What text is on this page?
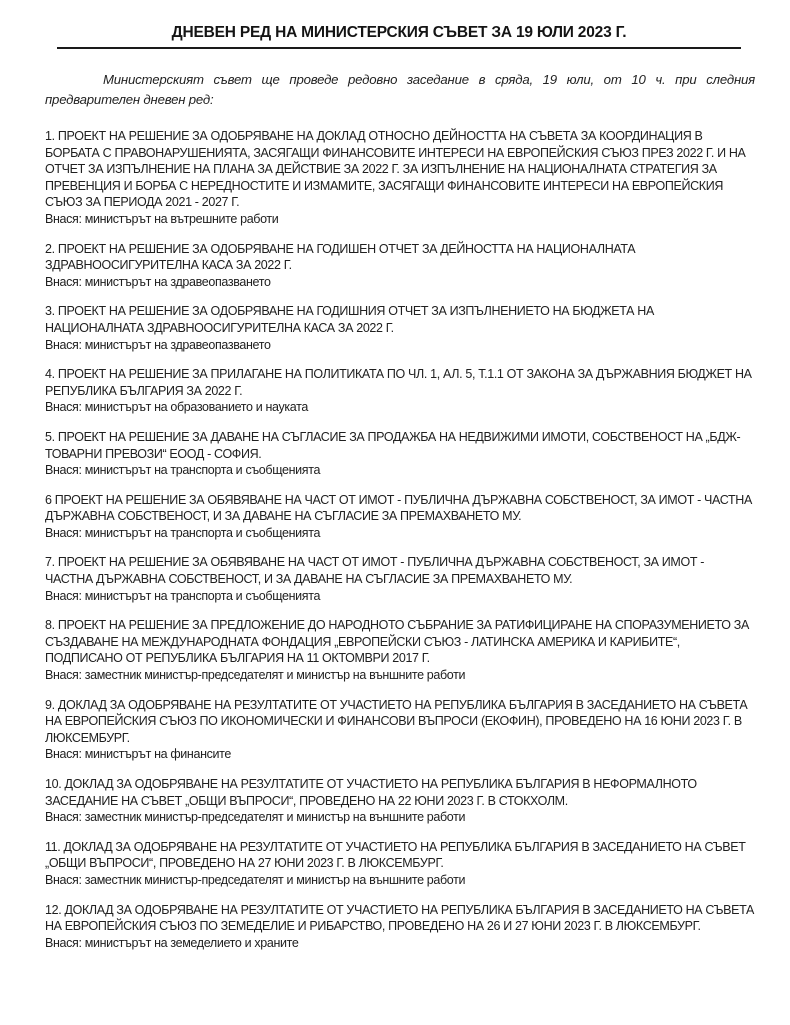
ДНЕВЕН РЕД НА МИНИСТЕРСКИЯ СЪВЕТ ЗА 19 ЮЛИ 2023 Г.

Министерският съвет ще проведе редовно заседание в сряда, 19 юли, от 10 ч. при следния предварителен дневен ред:

1. ПРОЕКТ НА РЕШЕНИЕ ЗА ОДОБРЯВАНЕ НА ДОКЛАД ОТНОСНО ДЕЙНОСТТА НА СЪВЕТА ЗА КООРДИНАЦИЯ В БОРБАТА С ПРАВОНАРУШЕНИЯТА, ЗАСЯГАЩИ ФИНАНСОВИТЕ ИНТЕРЕСИ НА ЕВРОПЕЙСКИЯ СЪЮЗ ПРЕЗ 2022 Г. И НА ОТЧЕТ ЗА ИЗПЪЛНЕНИЕ НА ПЛАНА ЗА ДЕЙСТВИЕ ЗА 2022 Г. ЗА ИЗПЪЛНЕНИЕ НА НАЦИОНАЛНАТА СТРАТЕГИЯ ЗА ПРЕВЕНЦИЯ И БОРБА С НЕРЕДНОСТИТЕ И ИЗМАМИТЕ, ЗАСЯГАЩИ ФИНАНСОВИТЕ ИНТЕРЕСИ НА ЕВРОПЕЙСКИЯ СЪЮЗ ЗА ПЕРИОДА 2021 - 2027 Г.
Внася: министърът на вътрешните работи
2. ПРОЕКТ НА РЕШЕНИЕ ЗА ОДОБРЯВАНЕ НА ГОДИШЕН ОТЧЕТ ЗА ДЕЙНОСТТА НА НАЦИОНАЛНАТА ЗДРАВНООСИГУРИТЕЛНА КАСА ЗА 2022 Г.
Внася: министърът на здравеопазването
3. ПРОЕКТ НА РЕШЕНИЕ ЗА ОДОБРЯВАНЕ НА ГОДИШНИЯ ОТЧЕТ ЗА ИЗПЪЛНЕНИЕТО НА БЮДЖЕТА НА НАЦИОНАЛНАТА ЗДРАВНООСИГУРИТЕЛНА КАСА ЗА 2022 Г.
Внася: министърът на здравеопазването
4. ПРОЕКТ НА РЕШЕНИЕ ЗА ПРИЛАГАНЕ НА ПОЛИТИКАТА ПО ЧЛ. 1, АЛ. 5, Т.1.1 ОТ ЗАКОНА ЗА ДЪРЖАВНИЯ БЮДЖЕТ НА РЕПУБЛИКА БЪЛГАРИЯ ЗА 2022 Г.
Внася: министърът на образованието и науката
5. ПРОЕКТ НА РЕШЕНИЕ ЗА ДАВАНЕ НА СЪГЛАСИЕ ЗА ПРОДАЖБА НА НЕДВИЖИМИ ИМОТИ, СОБСТВЕНОСТ НА „БДЖ-ТОВАРНИ ПРЕВОЗИ“ ЕООД - СОФИЯ.
Внася: министърът на транспорта и съобщенията
6 ПРОЕКТ НА РЕШЕНИЕ ЗА ОБЯВЯВАНЕ НА ЧАСТ ОТ ИМОТ - ПУБЛИЧНА ДЪРЖАВНА СОБСТВЕНОСТ, ЗА ИМОТ - ЧАСТНА ДЪРЖАВНА СОБСТВЕНОСТ, И ЗА ДАВАНЕ НА СЪГЛАСИЕ ЗА ПРЕМАХВАНЕТО МУ.
Внася: министърът на транспорта и съобщенията
7. ПРОЕКТ НА РЕШЕНИЕ ЗА ОБЯВЯВАНЕ НА ЧАСТ ОТ ИМОТ - ПУБЛИЧНА ДЪРЖАВНА СОБСТВЕНОСТ, ЗА ИМОТ - ЧАСТНА ДЪРЖАВНА СОБСТВЕНОСТ, И ЗА ДАВАНЕ НА СЪГЛАСИЕ ЗА ПРЕМАХВАНЕТО МУ.
Внася: министърът на транспорта и съобщенията
8. ПРОЕКТ НА РЕШЕНИЕ ЗА ПРЕДЛОЖЕНИЕ ДО НАРОДНОТО СЪБРАНИЕ ЗА РАТИФИЦИРАНЕ НА СПОРАЗУМЕНИЕТО ЗА СЪЗДАВАНЕ НА МЕЖДУНАРОДНАТА ФОНДАЦИЯ „ЕВРОПЕЙСКИ СЪЮЗ - ЛАТИНСКА АМЕРИКА И КАРИБИТЕ“, ПОДПИСАНО ОТ РЕПУБЛИКА БЪЛГАРИЯ НА 11 ОКТОМВРИ 2017 Г.
Внася: заместник министър-председателят и министър на външните работи
9. ДОКЛАД ЗА ОДОБРЯВАНЕ НА РЕЗУЛТАТИТЕ ОТ УЧАСТИЕТО НА РЕПУБЛИКА БЪЛГАРИЯ В ЗАСЕДАНИЕТО НА СЪВЕТА НА ЕВРОПЕЙСКИЯ СЪЮЗ ПО ИКОНОМИЧЕСКИ И ФИНАНСОВИ ВЪПРОСИ (ЕКОФИН), ПРОВЕДЕНО НА 16 ЮНИ 2023 Г. В ЛЮКСЕМБУРГ.
Внася: министърът на финансите
10. ДОКЛАД ЗА ОДОБРЯВАНЕ НА РЕЗУЛТАТИТЕ ОТ УЧАСТИЕТО НА РЕПУБЛИКА БЪЛГАРИЯ В НЕФОРМАЛНОТО ЗАСЕДАНИЕ НА СЪВЕТ „ОБЩИ ВЪПРОСИ“, ПРОВЕДЕНО НА 22 ЮНИ 2023 Г. В СТОКХОЛМ.
Внася: заместник министър-председателят и министър на външните работи
11. ДОКЛАД ЗА ОДОБРЯВАНЕ НА РЕЗУЛТАТИТЕ ОТ УЧАСТИЕТО НА РЕПУБЛИКА БЪЛГАРИЯ В ЗАСЕДАНИЕТО НА СЪВЕТ „ОБЩИ ВЪПРОСИ“, ПРОВЕДЕНО НА 27 ЮНИ 2023 Г. В ЛЮКСЕМБУРГ.
Внася: заместник министър-председателят и министър на външните работи
12. ДОКЛАД ЗА ОДОБРЯВАНЕ НА РЕЗУЛТАТИТЕ ОТ УЧАСТИЕТО НА РЕПУБЛИКА БЪЛГАРИЯ В ЗАСЕДАНИЕТО НА СЪВЕТА НА ЕВРОПЕЙСКИЯ СЪЮЗ ПО ЗЕМЕДЕЛИЕ И РИБАРСТВО, ПРОВЕДЕНО НА 26 И 27 ЮНИ 2023 Г. В ЛЮКСЕМБУРГ.
Внася: министърът на земеделието и храните
